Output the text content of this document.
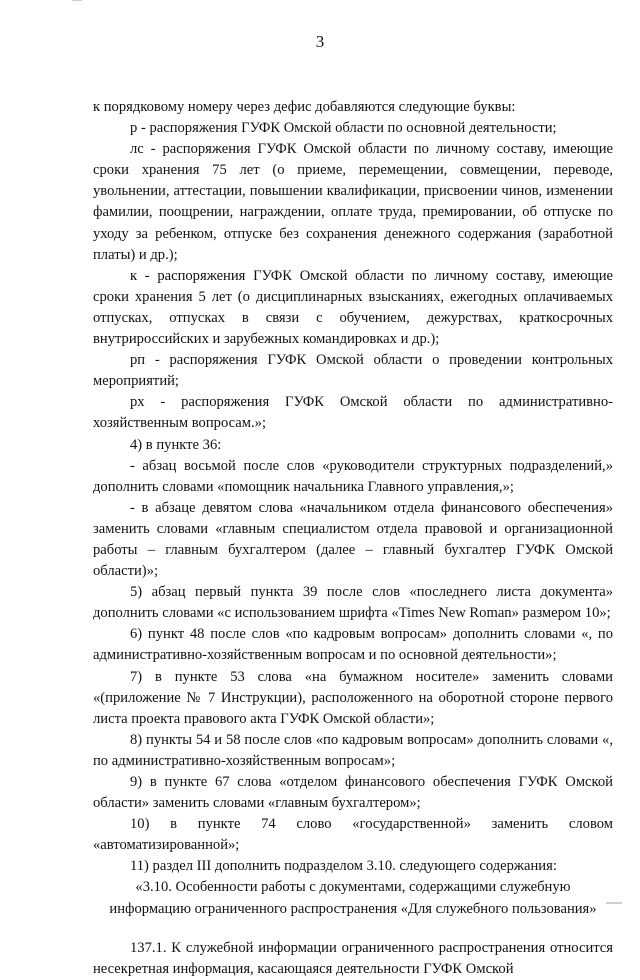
3

к порядковому номеру через дефис добавляются следующие буквы:

р - распоряжения ГУФК Омской области по основной деятельности;

лс - распоряжения ГУФК Омской области по личному составу, имеющие сроки хранения 75 лет (о приеме, перемещении, совмещении, переводе, увольнении, аттестации, повышении квалификации, присвоении чинов, изменении фамилии, поощрении, награждении, оплате труда, премировании, об отпуске по уходу за ребенком, отпуске без сохранения денежного содержания (заработной платы) и др.);

к - распоряжения ГУФК Омской области по личному составу, имеющие сроки хранения 5 лет (о дисциплинарных взысканиях, ежегодных оплачиваемых отпусках, отпусках в связи с обучением, дежурствах, краткосрочных внутрироссийских и зарубежных командировках и др.);

рп - распоряжения ГУФК Омской области о проведении контрольных мероприятий;

рх - распоряжения ГУФК Омской области по административно-хозяйственным вопросам.»;

4) в пункте 36:

- абзац восьмой после слов «руководители структурных подразделений,» дополнить словами «помощник начальника Главного управления,»;

- в абзаце девятом слова «начальником отдела финансового обеспечения» заменить словами «главным специалистом отдела правовой и организационной работы – главным бухгалтером (далее – главный бухгалтер ГУФК Омской области)»;

5) абзац первый пункта 39 после слов «последнего листа документа» дополнить словами «с использованием шрифта «Times New Roman» размером 10»;

6) пункт 48 после слов «по кадровым вопросам» дополнить словами «, по административно-хозяйственным вопросам и по основной деятельности»;

7) в пункте 53 слова «на бумажном носителе» заменить словами «(приложение № 7 Инструкции), расположенного на оборотной стороне первого листа проекта правового акта ГУФК Омской области»;

8) пункты 54 и 58 после слов «по кадровым вопросам» дополнить словами «, по административно-хозяйственным вопросам»;

9) в пункте 67 слова «отделом финансового обеспечения ГУФК Омской области» заменить словами «главным бухгалтером»;

10) в пункте 74 слово «государственной» заменить словом «автоматизированной»;

11) раздел III дополнить подразделом 3.10. следующего содержания:

«3.10. Особенности работы с документами, содержащими служебную информацию ограниченного распространения «Для служебного пользования»

137.1. К служебной информации ограниченного распространения относится несекретная информация, касающаяся деятельности ГУФК Омской
